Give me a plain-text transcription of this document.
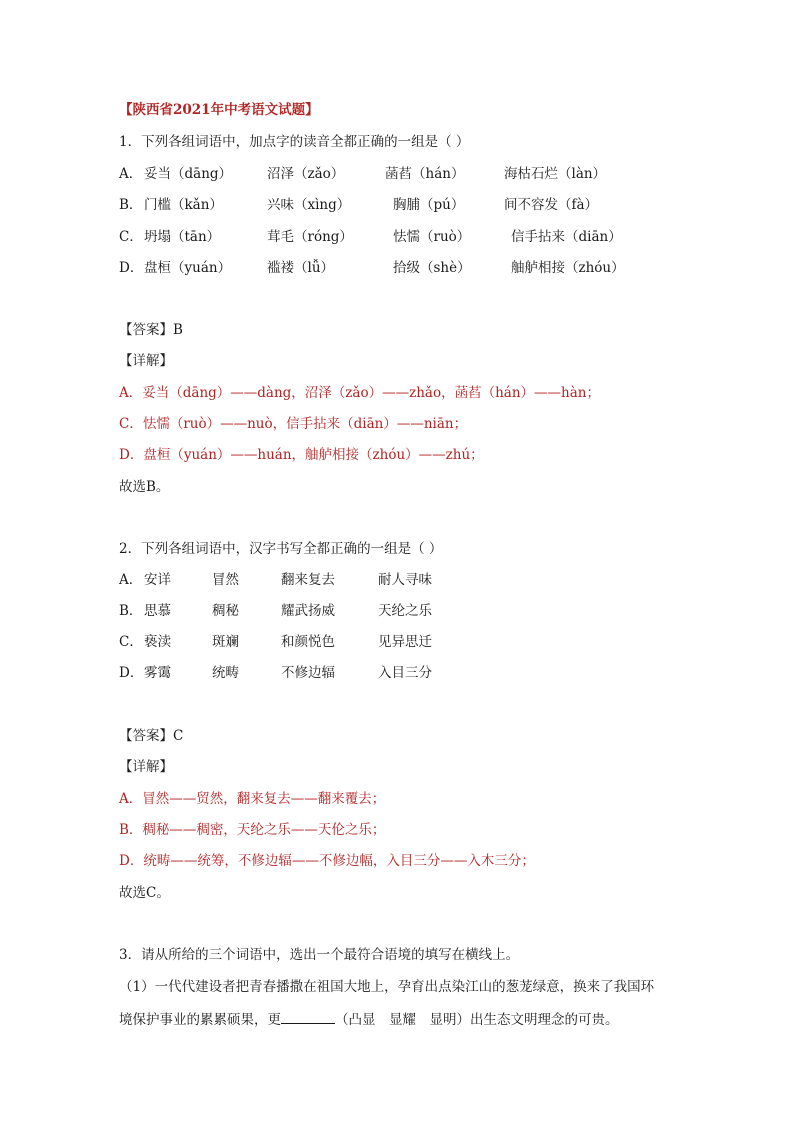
【陕西省2021年中考语文试题】
1．下列各组词语中，加点字的读音全都正确的一组是（ ）
A． 妥当（dāng）	沼泽（zǎo）	菡萏（hán）	海枯石烂（làn）
B． 门槛（kǎn）	兴味（xìng）	胸脯（pú）	间不容发（fà）
C． 坍塌（tān）	茸毛（róng）	怯懦（ruò）	信手拈来（diān）
D． 盘桓（yuán）	褴褛（lǚ）	拾级（shè）	舳舻相接（zhóu）
【答案】B
【详解】
A．妥当（dāng）——dàng，沼泽（zǎo）——zhǎo，菡萏（hán）——hàn；
C．怯懦（ruò）——nuò，信手拈来（diān）——niān；
D．盘桓（yuán）——huán，舳舻相接（zhóu）——zhú；
故选B。
2．下列各组词语中，汉字书写全都正确的一组是（ ）
A． 安详	冒然	翻来复去	耐人寻味
B． 思慕	稠秘	耀武扬威	天纶之乐
C． 亵渎	斑斓	和颜悦色	见异思迁
D． 雾霭	统畴	不修边辐	入目三分
【答案】C
【详解】
A．冒然——贸然，翻来复去——翻来覆去；
B．稠秘——稠密，天纶之乐——天伦之乐；
D．统畴——统筹，不修边辐——不修边幅，入目三分——入木三分；
故选C。
3．请从所给的三个词语中，选出一个最符合语境的填写在横线上。
（1）一代代建设者把青春播撒在祖国大地上，孕育出点染江山的葱茏绿意，换来了我国环
境保护事业的累累硕果，更	（凸显　显耀　显明）出生态文明理念的可贵。
